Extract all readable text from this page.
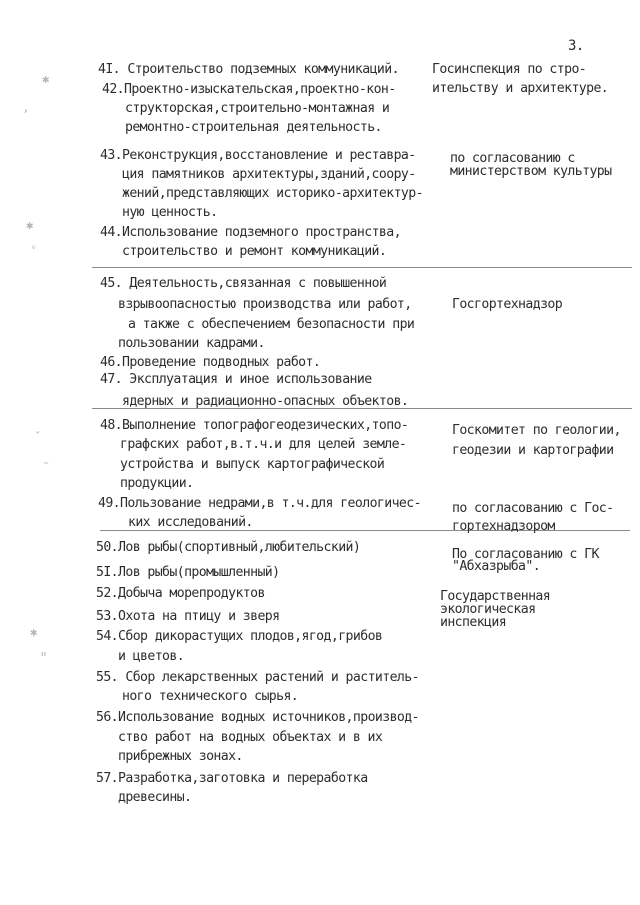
3.
✱
ʼ
✱
ᵛ
ˇ
✱
ʺ
4I. Строительство подземных коммуникаций.
42.Проектно-изыскательская,проектно-кон-
структорская,строительно-монтажная и
ремонтно-строительная деятельность.
43.Реконструкция,восстановление и реставра-
ция памятников архитектуры,зданий,соору-
жений,представляющих историко-архитектур-
ную ценность.
44.Использование подземного пространства,
строительство и ремонт коммуникаций.
45. Деятельность,связанная с повышенной
взрывоопасностью производства или работ,
а также с обеспечением безопасности при
пользовании кадрами.
46.Проведение подводных работ.
47. Эксплуатация и иное использование
ядерных и радиационно-опасных объектов.
48.Выполнение топографогеодезических,топо-
графских работ,в.т.ч.и для целей земле-
устройства и выпуск картографической
продукции.
49.Пользование недрами,в т.ч.для геологичес-
ких исследований.
50.Лов рыбы(спортивный,любительский)
5I.Лов рыбы(промышленный)
52.Добыча морепродуктов
53.Охота на птицу и зверя
54.Сбор дикорастущих плодов,ягод,грибов
и цветов.
55. Сбор лекарственных растений и раститель-
ного технического сырья.
56.Использование водных источников,производ-
ство работ на водных объектах и в их
прибрежных зонах.
57.Разработка,заготовка и переработка
древесины.
Госинспекция по стро-
ительству и архитектуре.
по согласованию с
министерством культуры
Госгортехнадзор
Госкомитет по геологии,
геодезии и картографии
по согласованию с Гос-
гортехнадзором
По согласованию с ГК
"Абхазрыба".
Государственная
экологическая
инспекция
